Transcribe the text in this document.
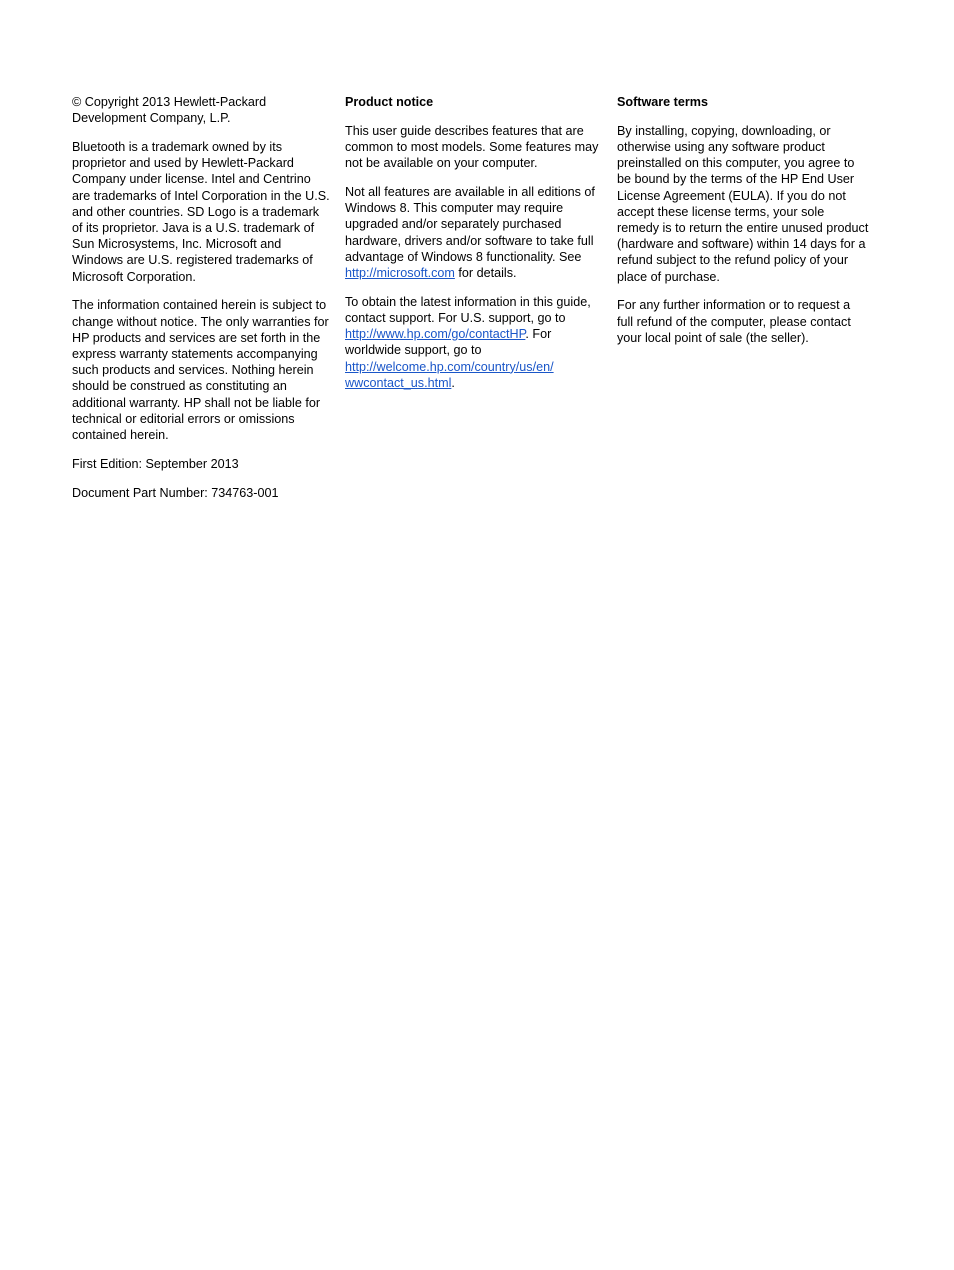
© Copyright 2013 Hewlett-Packard Development Company, L.P.

Bluetooth is a trademark owned by its proprietor and used by Hewlett-Packard Company under license. Intel and Centrino are trademarks of Intel Corporation in the U.S. and other countries. SD Logo is a trademark of its proprietor. Java is a U.S. trademark of Sun Microsystems, Inc. Microsoft and Windows are U.S. registered trademarks of Microsoft Corporation.

The information contained herein is subject to change without notice. The only warranties for HP products and services are set forth in the express warranty statements accompanying such products and services. Nothing herein should be construed as constituting an additional warranty. HP shall not be liable for technical or editorial errors or omissions contained herein.

First Edition: September 2013

Document Part Number: 734763-001

Product notice

This user guide describes features that are common to most models. Some features may not be available on your computer.

Not all features are available in all editions of Windows 8. This computer may require upgraded and/or separately purchased hardware, drivers and/or software to take full advantage of Windows 8 functionality. See http://microsoft.com for details.

To obtain the latest information in this guide, contact support. For U.S. support, go to http://www.hp.com/go/contactHP. For worldwide support, go to
http://welcome.hp.com/country/us/en/
wwcontact_us.html.

Software terms

By installing, copying, downloading, or otherwise using any software product preinstalled on this computer, you agree to be bound by the terms of the HP End User License Agreement (EULA). If you do not accept these license terms, your sole remedy is to return the entire unused product (hardware and software) within 14 days for a refund subject to the refund policy of your place of purchase.

For any further information or to request a full refund of the computer, please contact your local point of sale (the seller).
